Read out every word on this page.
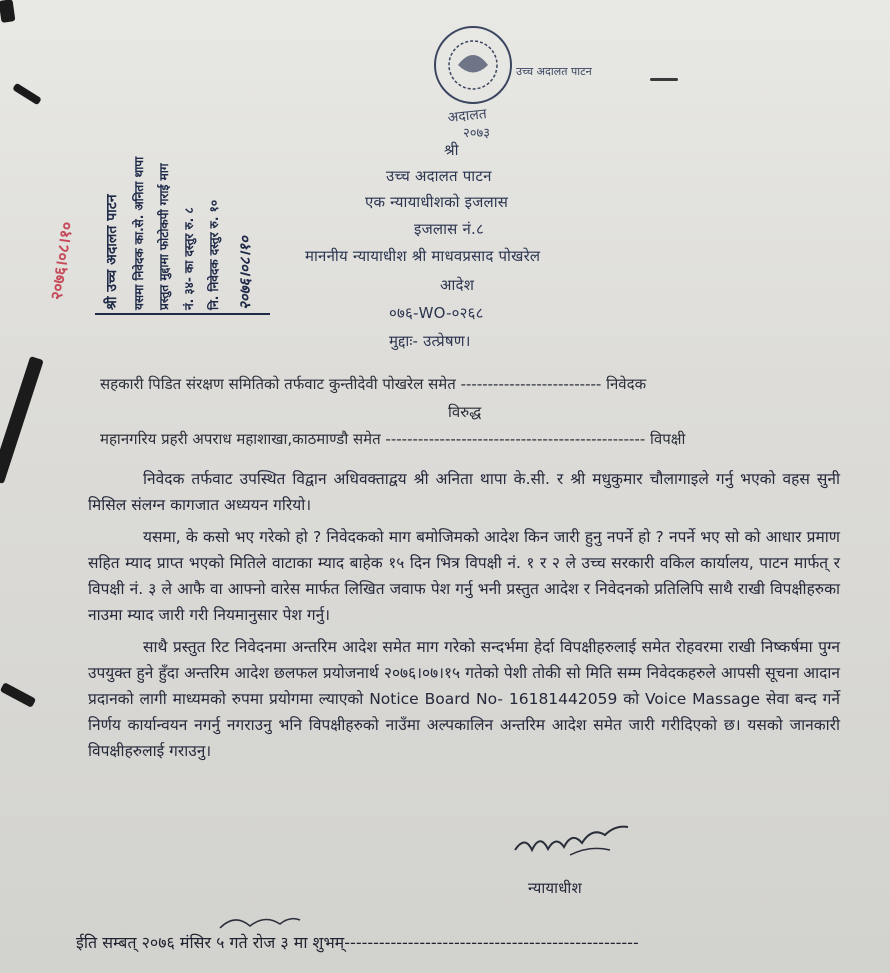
उच्च अदालत पाटन
अदालत
२०७३
श्री उच्च अदालत पाटन यसमा निवेदक का.से. अनिता थापा प्रस्तुत मुद्दामा फोटोकपी गराई माग नं. ३४- का दस्तुर रु. ८ नि. निवेदक दस्तुर रु. १० २०७६।०८।१०
२०७६।०८।१०
श्री
उच्च अदालत पाटन
एक न्यायाधीशको इजलास
इजलास नं.८
माननीय न्यायाधीश श्री माधवप्रसाद पोखरेल
आदेश
०७६-WO-०२६८
मुद्दाः- उत्प्रेषण।
सहकारी पिडित संरक्षण समितिको तर्फवाट कुन्तीदेवी पोखरेल समेत -------------------------- निवेदक
विरुद्ध
महानगरिय प्रहरी अपराध महाशाखा,काठमाण्डौ समेत ------------------------------------------------ विपक्षी

निवेदक तर्फवाट उपस्थित विद्वान अधिवक्ताद्वय श्री अनिता थापा के.सी. र श्री मधुकुमार चौलागाइले गर्नु भएको वहस सुनी मिसिल संलग्न कागजात अध्ययन गरियो।

यसमा, के कसो भए गरेको हो ? निवेदकको माग बमोजिमको आदेश किन जारी हुनु नपर्ने हो ? नपर्ने भए सो को आधार प्रमाण सहित म्याद प्राप्त भएको मितिले वाटाका म्याद बाहेक १५ दिन भित्र विपक्षी नं. १ र २ ले उच्च सरकारी वकिल कार्यालय, पाटन मार्फत् र विपक्षी नं. ३ ले आफै वा आफ्नो वारेस मार्फत लिखित जवाफ पेश गर्नु भनी प्रस्तुत आदेश र निवेदनको प्रतिलिपि साथै राखी विपक्षीहरुका नाउमा म्याद जारी गरी नियमानुसार पेश गर्नु।

साथै प्रस्तुत रिट निवेदनमा अन्तरिम आदेश समेत माग गरेको सन्दर्भमा हेर्दा विपक्षीहरुलाई समेत रोहवरमा राखी निष्कर्षमा पुग्न उपयुक्त हुने हुँदा अन्तरिम आदेश छलफल प्रयोजनार्थ २०७६।०७।१५ गतेको पेशी तोकी सो मिति सम्म निवेदकहरुले आपसी सूचना आदान प्रदानको लागी माध्यमको रुपमा प्रयोगमा ल्याएको Notice Board No- 16181442059 को Voice Massage सेवा बन्द गर्ने निर्णय कार्यान्वयन नगर्नु नगराउनु भनि विपक्षीहरुको नाउँमा अल्पकालिन अन्तरिम आदेश समेत जारी गरीदिएको छ। यसको जानकारी विपक्षीहरुलाई गराउनु।

न्यायाधीश
ईति सम्बत् २०७६ मंसिर ५ गते रोज ३ मा शुभम्---------------------------------------------------
